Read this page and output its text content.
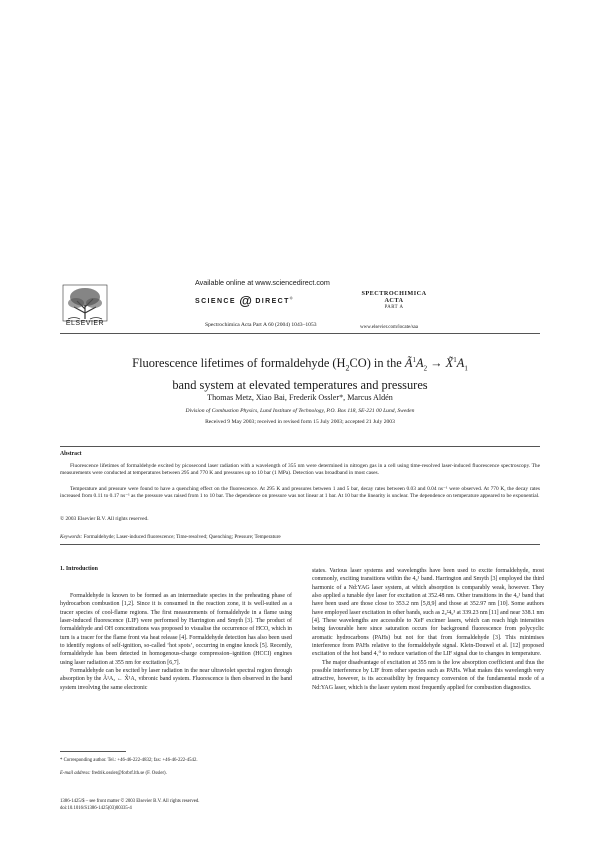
ELSEVIER
Available online at www.sciencedirect.com
SCIENCE @ DIRECT®
Spectrochimica Acta Part A 60 (2004) 1043–1053
SPECTROCHIMICA
ACTA
PART A
www.elsevier.com/locate/saa
Fluorescence lifetimes of formaldehyde $(H_2CO)$ in the $Ã^1A_2$ → $X̃^1A_1$
band system at elevated temperatures and pressures
Thomas Metz, Xiao Bai, Frederik Ossler*, Marcus Aldén
Division of Combustion Physics, Lund Institute of Technology, P.O. Box 118, SE-221 00 Lund, Sweden
Received 9 May 2003; received in revised form 15 July 2003; accepted 21 July 2003
Abstract
Fluorescence lifetimes of formaldehyde excited by picosecond laser radiation with a wavelength of 355 nm were determined in nitrogen gas in a cell using time-resolved laser-induced fluorescence spectroscopy. The measurements were conducted at temperatures between 295 and 770 K and pressures up to 10 bar (1 MPa). Detection was broadband in most cases.
Temperature and pressure were found to have a quenching effect on the fluorescence. At 295 K and pressures between 1 and 5 bar, decay rates between 0.03 and 0.04 ns⁻¹ were observed. At 770 K, the decay rates increased from 0.11 to 0.17 ns⁻¹ as the pressure was raised from 1 to 10 bar. The dependence on pressure was not linear at 1 bar. At 10 bar the linearity is unclear. The dependence on temperature appeared to be exponential.
© 2003 Elsevier B.V. All rights reserved.
Keywords: Formaldehyde; Laser-induced fluorescence; Time-resolved; Quenching; Pressure; Temperature
1. Introduction

Formaldehyde is known to be formed as an intermediate species in the preheating phase of hydrocarbon combustion [1,2]. Since it is consumed in the reaction zone, it is well-suited as a tracer species of cool-flame regions. The first measurements of formaldehyde in a flame using laser-induced fluorescence (LIF) were performed by Harrington and Smyth [3]. The product of formaldehyde and OH concentrations was proposed to visualise the occurrence of HCO, which in turn is a tracer for the flame front via heat release [4]. Formaldehyde detection has also been used to identify regions of self-ignition, so-called ‘hot spots’, occurring in engine knock [5]. Recently, formaldehyde has been detected in homogenous-charge compression–ignition (HCCI) engines using laser radiation at 355 nm for excitation [6,7].

Formaldehyde can be excited by laser radiation in the near ultraviolet spectral region through absorption by the Ã¹A₂ ← X̃¹A₁ vibronic band system. Fluorescence is then observed in the band system involving the same electronic

states. Various laser systems and wavelengths have been used to excite formaldehyde, most commonly, exciting transitions within the 4₀¹ band. Harrington and Smyth [3] employed the third harmonic of a Nd:YAG laser system, at which absorption is comparably weak, however. They also applied a tunable dye laser for excitation at 352.48 nm. Other transitions in the 4₀¹ band that have been used are those close to 353.2 nm [5,8,9] and those at 352.97 nm [10]. Some authors have employed laser excitation in other bands, such as 2₀²4₀³ at 339.23 nm [11] and near 338.1 nm [4]. These wavelengths are accessible to XeF excimer lasers, which can reach high intensities being favourable here since saturation occurs for background fluorescence from polycyclic aromatic hydrocarbons (PAHs) but not for that from formaldehyde [3]. This minimises interference from PAHs relative to the formaldehyde signal. Klein-Douwel et al. [12] proposed excitation of the hot band 4₁⁰ to reduce variation of the LIF signal due to changes in temperature.

The major disadvantage of excitation at 355 nm is the low absorption coefficient and thus the possible interference by LIF from other species such as PAHs. What makes this wavelength very attractive, however, is its accessibility by frequency conversion of the fundamental mode of a Nd:YAG laser, which is the laser system most frequently applied for combustion diagnostics.

* Corresponding author. Tel.: +46-46-222-4832; fax: +46-46-222-4542.
E-mail address: fredrik.ossler@forbrf.lth.se (F. Ossler).
1386-1425/$ – see front matter © 2003 Elsevier B.V. All rights reserved.
doi:10.1016/S1386-1425(03)00335-4
